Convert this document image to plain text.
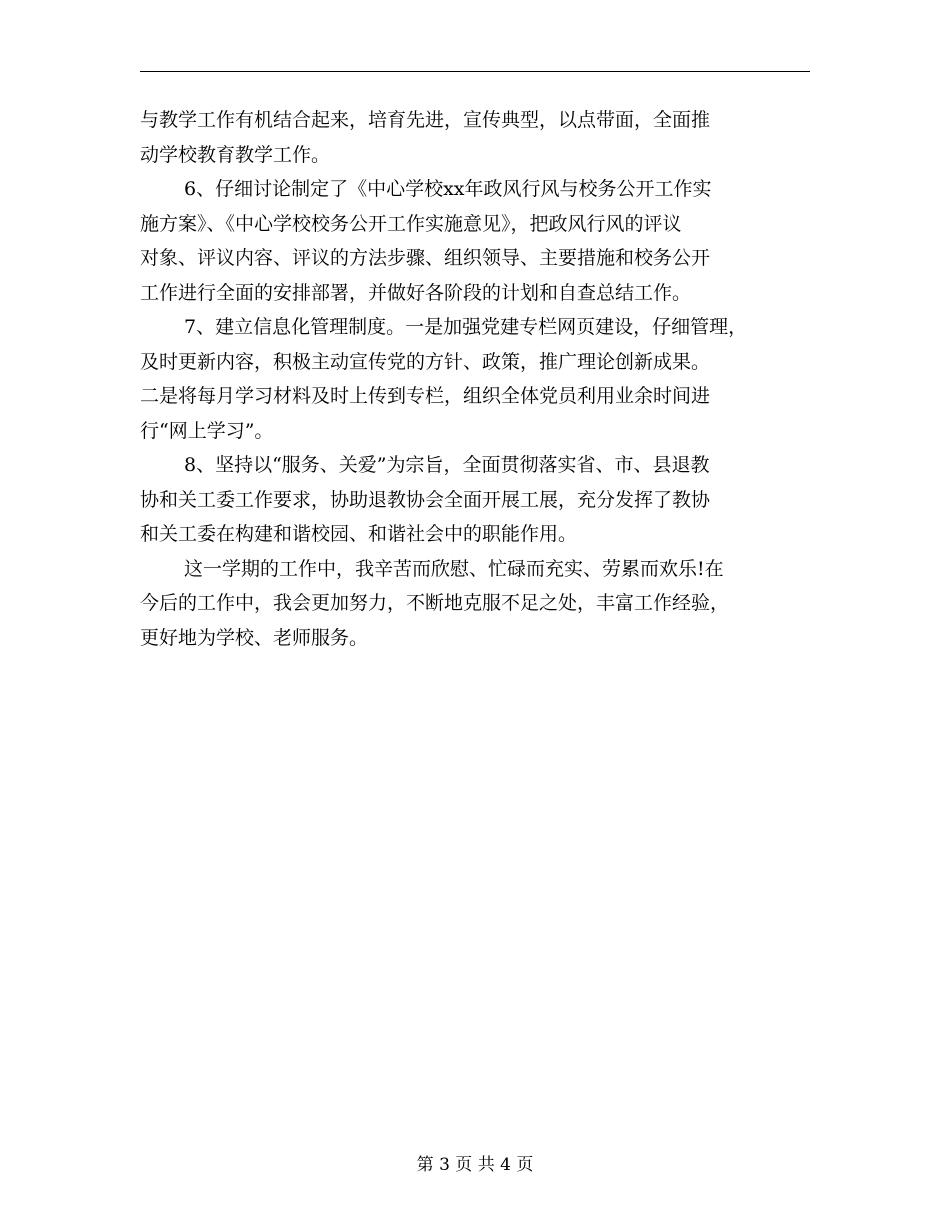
与教学工作有机结合起来，培育先进，宣传典型，以点带面，全面推
动学校教育教学工作。
6、仔细讨论制定了《中心学校xx年政风行风与校务公开工作实
施方案》、《中心学校校务公开工作实施意见》，把政风行风的评议
对象、评议内容、评议的方法步骤、组织领导、主要措施和校务公开
工作进行全面的安排部署，并做好各阶段的计划和自查总结工作。
7、建立信息化管理制度。一是加强党建专栏网页建设，仔细管理，
及时更新内容，积极主动宣传党的方针、政策，推广理论创新成果。
二是将每月学习材料及时上传到专栏，组织全体党员利用业余时间进
行“网上学习”。
8、坚持以“服务、关爱”为宗旨，全面贯彻落实省、市、县退教
协和关工委工作要求，协助退教协会全面开展工展，充分发挥了教协
和关工委在构建和谐校园、和谐社会中的职能作用。
这一学期的工作中，我辛苦而欣慰、忙碌而充实、劳累而欢乐!在
今后的工作中，我会更加努力，不断地克服不足之处，丰富工作经验，
更好地为学校、老师服务。
第 3 页 共 4 页
